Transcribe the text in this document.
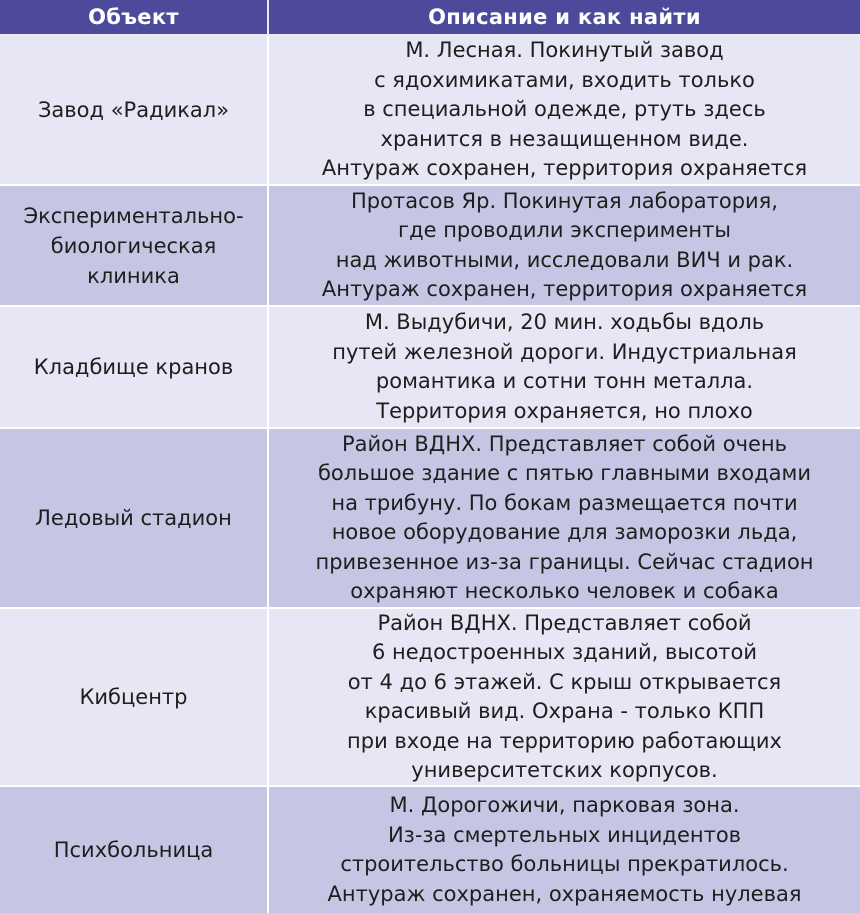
Объект	Описание и как найти
Завод «Радикал»
М. Лесная. Покинутый завод
с ядохимикатами, входить только
в специальной одежде, ртуть здесь
хранится в незащищенном виде.
Антураж сохранен, территория охраняется
Экспериментально-биологическая клиника
Протасов Яр. Покинутая лаборатория,
где проводили эксперименты
над животными, исследовали ВИЧ и рак.
Антураж сохранен, территория охраняется
Кладбище кранов
М. Выдубичи, 20 мин. ходьбы вдоль
путей железной дороги. Индустриальная
романтика и сотни тонн металла.
Территория охраняется, но плохо
Ледовый стадион
Район ВДНХ. Представляет собой очень
большое здание с пятью главными входами
на трибуну. По бокам размещается почти
новое оборудование для заморозки льда,
привезенное из-за границы. Сейчас стадион
охраняют несколько человек и собака
Кибцентр
Район ВДНХ. Представляет собой
6 недостроенных зданий, высотой
от 4 до 6 этажей. С крыш открывается
красивый вид. Охрана - только КПП
при входе на территорию работающих
университетских корпусов.
Психбольница
М. Дорогожичи, парковая зона.
Из-за смертельных инцидентов
строительство больницы прекратилось.
Антураж сохранен, охраняемость нулевая
